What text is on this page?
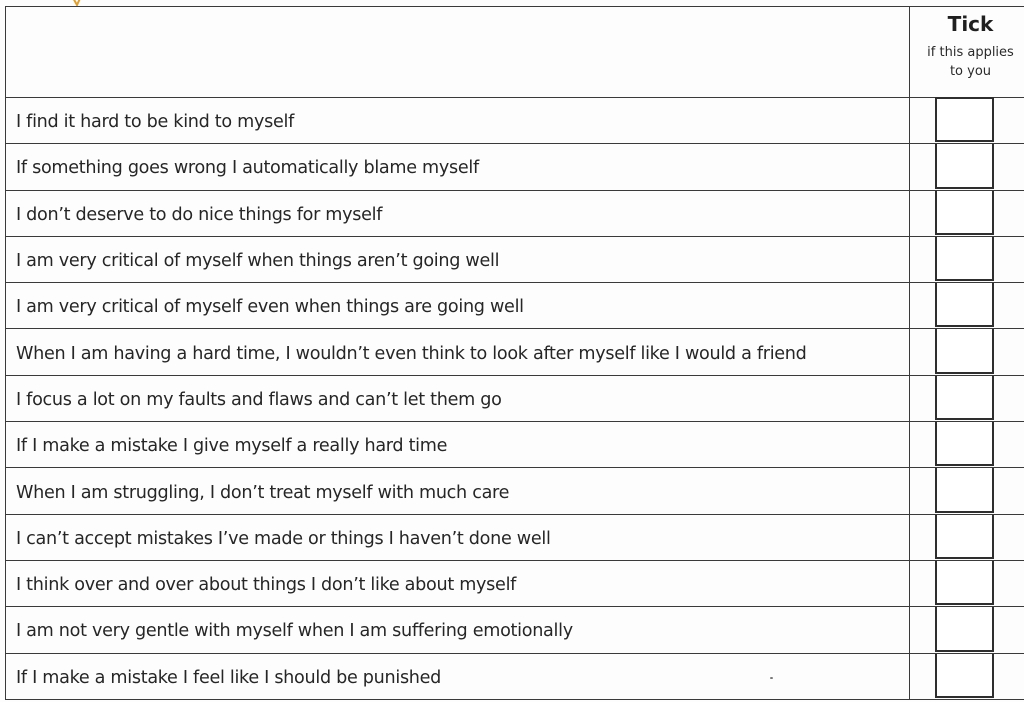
	Tick
if this applies
to you

I find it hard to be kind to myself	

If something goes wrong I automatically blame myself	

I don’t deserve to do nice things for myself	

I am very critical of myself when things aren’t going well	

I am very critical of myself even when things are going well	

When I am having a hard time, I wouldn’t even think to look after myself like I would a friend	

I focus a lot on my faults and flaws and can’t let them go	

If I make a mistake I give myself a really hard time	

When I am struggling, I don’t treat myself with much care	

I can’t accept mistakes I’ve made or things I haven’t done well	

I think over and over about things I don’t like about myself	

I am not very gentle with myself when I am suffering emotionally	

If I make a mistake I feel like I should be punished	
